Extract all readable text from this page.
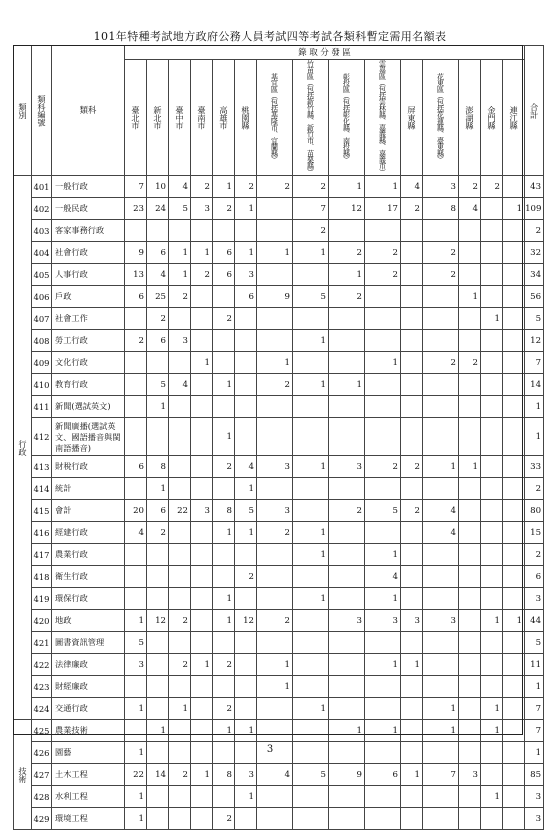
101年特種考試地方政府公務人員考試四等考試各類科暫定需用名額表
類別	類科編號	類科	錄 取 分 發 區															合計

			臺北市	新北市	臺中市	臺南市	高雄市	桃園縣	基宜區（包括基隆市、宜蘭縣）	竹苗區（包括新竹縣、新竹市、苗栗縣）	彰投區（包括彰化縣、南投縣）	雲嘉區（包括雲林縣、嘉義縣、嘉義市）	屏東縣	花東區（包括花蓮縣、臺東縣）	澎湖縣	金門縣	連江縣	

行政	401	一般行政	7	10	4	2	1	2	2	2	1	1	4	3	2	2		43
	402	一般民政	23	24	5	3	2	1		7	12	17	2	8	4		1	109
	403	客家事務行政								2								2
	404	社會行政	9	6	1	1	6	1	1	1	2	2		2				32
	405	人事行政	13	4	1	2	6	3			1	2		2				34
	406	戶政	6	25	2			6	9	5	2				1			56
	407	社會工作		2			2									1		5
	408	勞工行政	2	6	3					1								12
	409	文化行政				1			1			1		2	2			7
	410	教育行政		5	4		1		2	1	1							14
	411	新聞(選試英文)		1														1
	412	新聞廣播(選試英文、國語播音與閩南語播音)					1											1
	413	財稅行政	6	8			2	4	3	1	3	2	2	1	1			33
	414	統計		1				1										2
	415	會計	20	6	22	3	8	5	3		2	5	2	4				80
	416	經建行政	4	2			1	1	2	1				4				15
	417	農業行政								1		1						2
	418	衛生行政						2				4						6
	419	環保行政					1			1		1						3
	420	地政	1	12	2		1	12	2		3	3	3	3		1	1	44
	421	圖書資訊管理	5															5
	422	法律廉政	3		2	1	2		1			1	1					11
	423	財經廉政							1									1
	424	交通行政	1		1		2			1				1		1		7

技術	425	農業技術		1			1	1			1	1		1		1		7
	426	園藝	1															1
	427	土木工程	22	14	2	1	8	3	4	5	9	6	1	7	3			85
	428	水利工程	1					1								1		3
	429	環境工程	1				2											3
3
